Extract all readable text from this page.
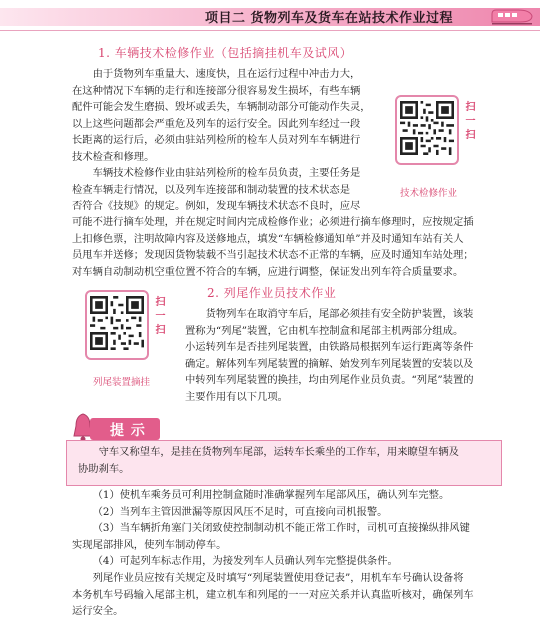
项目二 货物列车及货车在站技术作业过程
1. 车辆技术检修作业（包括摘挂机车及试风）
由于货物列车重量大、速度快，且在运行过程中冲击力大，
在这种情况下车辆的走行和连接部分很容易发生损坏，有些车辆
配件可能会发生磨损、毁坏或丢失，车辆制动部分可能动作失灵，
以上这些问题都会严重危及列车的运行安全。因此列车经过一段
长距离的运行后，必须由驻站列检所的检车人员对列车车辆进行
技术检查和修理。
车辆技术检修作业由驻站列检所的检车员负责，主要任务是
检查车辆走行情况，以及列车连接部和制动装置的技术状态是
否符合《技规》的规定。例如，发现车辆技术状态不良时，应尽
可能不进行摘车处理，并在规定时间内完成检修作业；必须进行摘车修理时，应按规定插
上扣修色票，注明故障内容及送修地点，填发“车辆检修通知单”并及时通知车站有关人
员甩车并送修；发现因货物装载不当引起技术状态不正常的车辆，应及时通知车站处理；
对车辆自动制动机空重位置不符合的车辆，应进行调整，保证发出列车符合质量要求。
扫一扫
技术检修作业
2. 列尾作业员技术作业
货物列车在取消守车后，尾部必须挂有安全防护装置，该装
置称为“列尾”装置，它由机车控制盒和尾部主机两部分组成。
小运转列车是否挂列尾装置，由铁路局根据列车运行距离等条件
确定。解体列车列尾装置的摘解、始发列车列尾装置的安装以及
中转列车列尾装置的换挂，均由列尾作业员负责。“列尾”装置的
主要作用有以下几项。
扫一扫
列尾装置摘挂
提 示
守车又称望车，是挂在货物列车尾部，运转车长乘坐的工作车，用来瞭望车辆及
协助刹车。
（1）使机车乘务员可利用控制盒随时准确掌握列车尾部风压，确认列车完整。
（2）当列车主管因泄漏等原因风压不足时，可直接向司机报警。
（3）当车辆折角塞门关闭致使控制制动机不能正常工作时，司机可直接操纵排风键
实现尾部排风，使列车制动停车。
（4）可起列车标志作用，为接发列车人员确认列车完整提供条件。
列尾作业员应按有关规定及时填写“列尾装置使用登记表”，用机车车号确认设备将
本务机车号码输入尾部主机，建立机车和列尾的一一对应关系并认真监听核对，确保列车
运行安全。
